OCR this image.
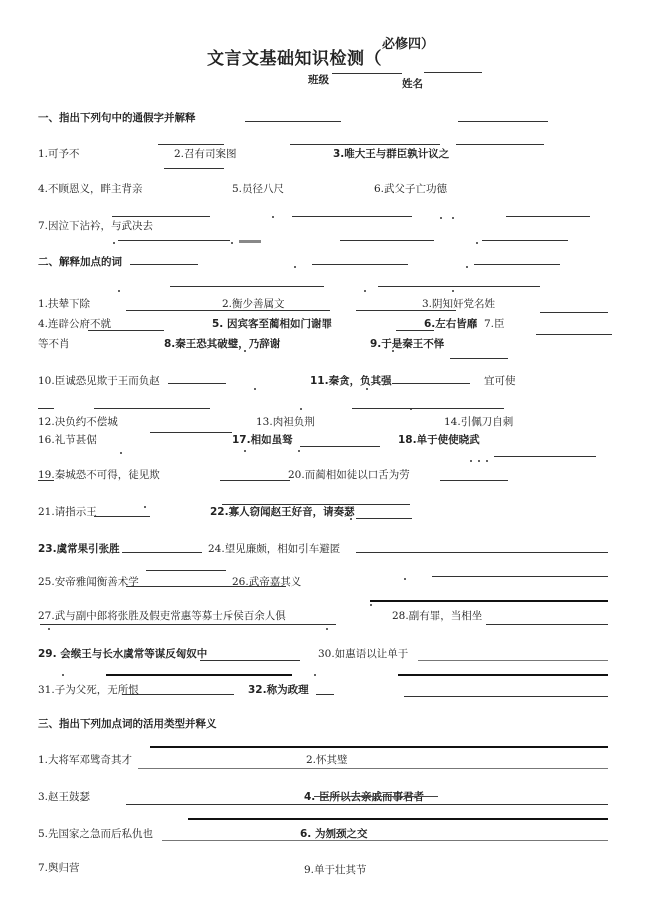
文言文基础知识检测（
必修四）
班级	姓名
一、指出下列句中的通假字并解释
1.可予不	2.召有司案图	3.唯大王与群臣孰计议之
4.不顾恩义，畔主背亲	5.员径八尺	6.武父子亡功德
7.因泣下沾衿，与武决去
二、解释加点的词
1.扶辇下除	2.衡少善属文	3.阴知奸党名姓
4.连辟公府不就	5. 因宾客至蔺相如门谢罪	6.左右皆靡 7.臣
等不肖	8.秦王恐其破璧，乃辞谢	9.于是秦王不怿
10.臣诚恐见欺于王而负赵	11.秦贪，负其强	宜可使
12.决负约不偿城	13.肉袒负荆	14.引佩刀自刺
16.礼节甚倨	17.相如虽驽	18.单于使使晓武
19.秦城恐不可得，徒见欺	20.而蔺相如徒以口舌为劳
21.请指示王	22.寡人窃闻赵王好音，请奏瑟
23.虞常果引张胜	24.望见廉颇，相如引车避匿
25.安帝雅闻衡善术学	26.武帝嘉其义
27.武与副中郎将张胜及假吏常惠等募士斥侯百余人俱	28.副有罪，当相坐
29. 会缑王与长水虞常等谋反匈奴中	30.如惠语以让单于
31.子为父死，无所恨	32.称为政理
三、指出下列加点词的活用类型并释义
1.大将军邓骘奇其才	2.怀其璧
3.赵王鼓瑟	4. 臣所以去亲戚而事君者
5.先国家之急而后私仇也	6. 为刎颈之交
7.舆归营	9.单于壮其节
